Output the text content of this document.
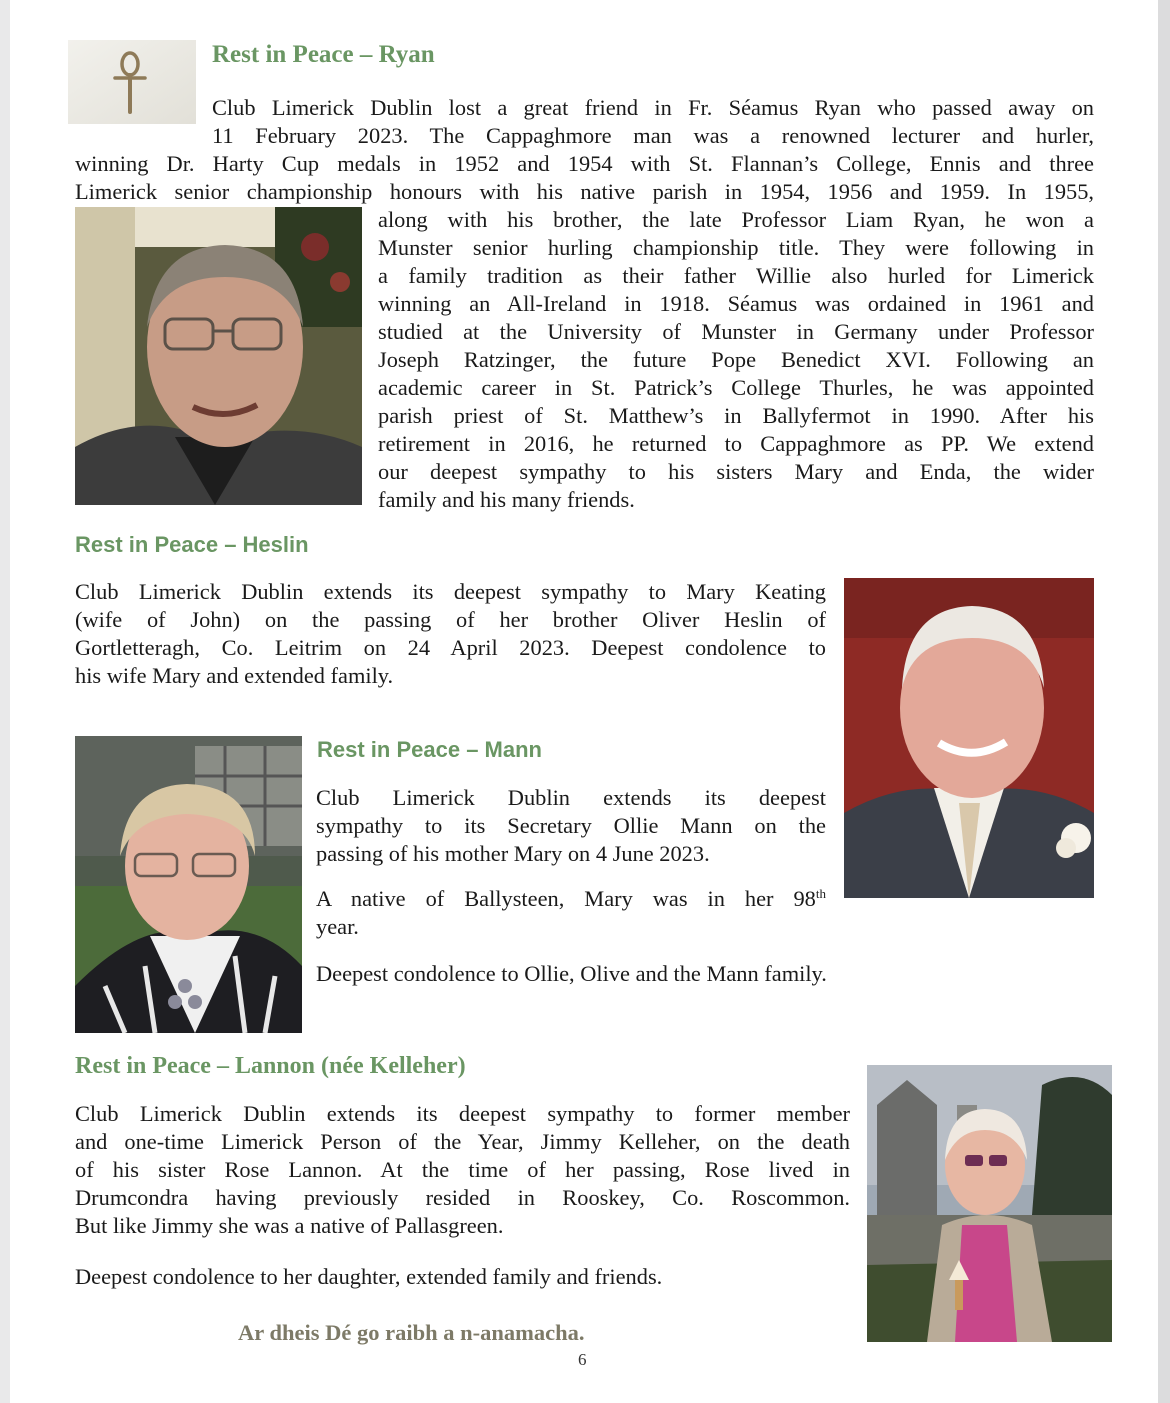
Rest in Peace – Ryan
Club Limerick Dublin lost a great friend in Fr. Séamus Ryan who passed away on
11 February 2023. The Cappaghmore man was a renowned lecturer and hurler,
winning Dr. Harty Cup medals in 1952 and 1954 with St. Flannan’s College, Ennis and three
Limerick senior championship honours with his native parish in 1954, 1956 and 1959. In 1955,
along with his brother, the late Professor Liam Ryan, he won a
Munster senior hurling championship title. They were following in
a family tradition as their father Willie also hurled for Limerick
winning an All-Ireland in 1918. Séamus was ordained in 1961 and
studied at the University of Munster in Germany under Professor
Joseph Ratzinger, the future Pope Benedict XVI. Following an
academic career in St. Patrick’s College Thurles, he was appointed
parish priest of St. Matthew’s in Ballyfermot in 1990. After his
retirement in 2016, he returned to Cappaghmore as PP. We extend
our deepest sympathy to his sisters Mary and Enda, the wider
family and his many friends.
Rest in Peace – Heslin
Club Limerick Dublin extends its deepest sympathy to Mary Keating
(wife of John) on the passing of her brother Oliver Heslin of
Gortletteragh, Co. Leitrim on 24 April 2023. Deepest condolence to
his wife Mary and extended family.
Rest in Peace – Mann
Club Limerick Dublin extends its deepest
sympathy to its Secretary Ollie Mann on the
passing of his mother Mary on 4 June 2023.
A native of Ballysteen, Mary was in her 98th
year.
Deepest condolence to Ollie, Olive and the Mann family.
Rest in Peace – Lannon (née Kelleher)
Club Limerick Dublin extends its deepest sympathy to former member
and one-time Limerick Person of the Year, Jimmy Kelleher, on the death
of his sister Rose Lannon. At the time of her passing, Rose lived in
Drumcondra having previously resided in Rooskey, Co. Roscommon.
But like Jimmy she was a native of Pallasgreen.
Deepest condolence to her daughter, extended family and friends.

Ar dheis Dé go raibh a n-anamacha.

6
